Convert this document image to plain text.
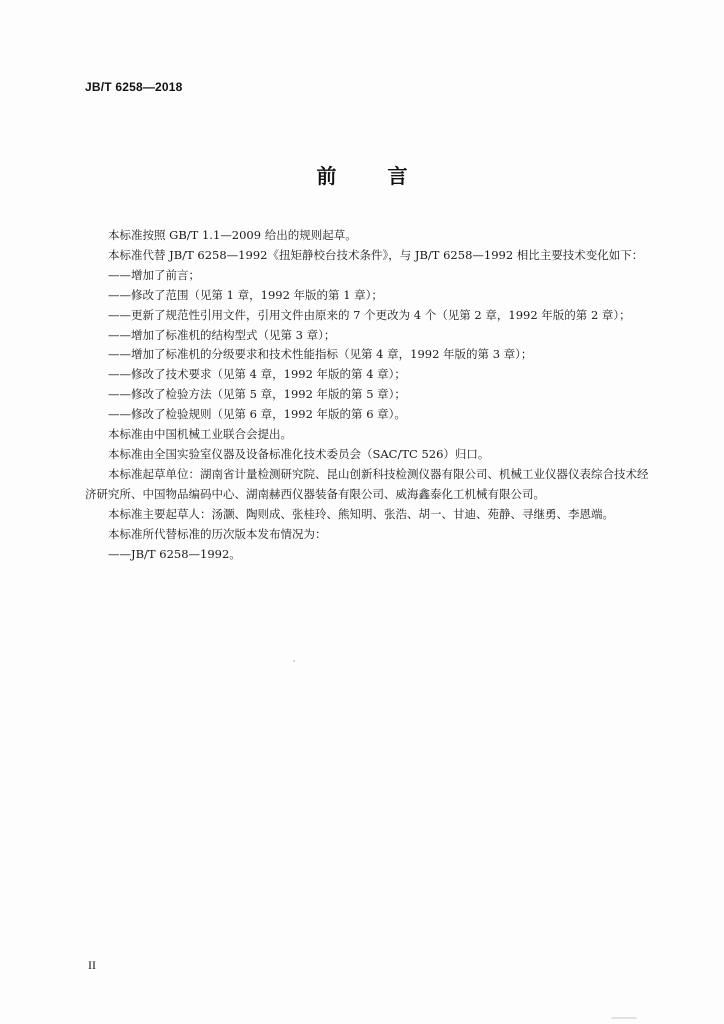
JB/T 6258—2018
前 言

本标准按照 GB/T 1.1—2009 给出的规则起草。

本标准代替 JB/T 6258—1992《扭矩静校台技术条件》，与 JB/T 6258—1992 相比主要技术变化如下：

——增加了前言；

——修改了范围（见第 1 章，1992 年版的第 1 章）；

——更新了规范性引用文件，引用文件由原来的 7 个更改为 4 个（见第 2 章，1992 年版的第 2 章）；

——增加了标准机的结构型式（见第 3 章）；

——增加了标准机的分级要求和技术性能指标（见第 4 章，1992 年版的第 3 章）；

——修改了技术要求（见第 4 章，1992 年版的第 4 章）；

——修改了检验方法（见第 5 章，1992 年版的第 5 章）；

——修改了检验规则（见第 6 章，1992 年版的第 6 章）。

本标准由中国机械工业联合会提出。

本标准由全国实验室仪器及设备标准化技术委员会（SAC/TC 526）归口。

本标准起草单位：湖南省计量检测研究院、昆山创新科技检测仪器有限公司、机械工业仪器仪表综合技术经济研究所、中国物品编码中心、湖南赫西仪器装备有限公司、威海鑫泰化工机械有限公司。

本标准主要起草人：汤灏、陶则成、张桂玲、熊知明、张浩、胡一、甘迪、苑静、寻继勇、李恩端。

本标准所代替标准的历次版本发布情况为：

——JB/T 6258—1992。

II
